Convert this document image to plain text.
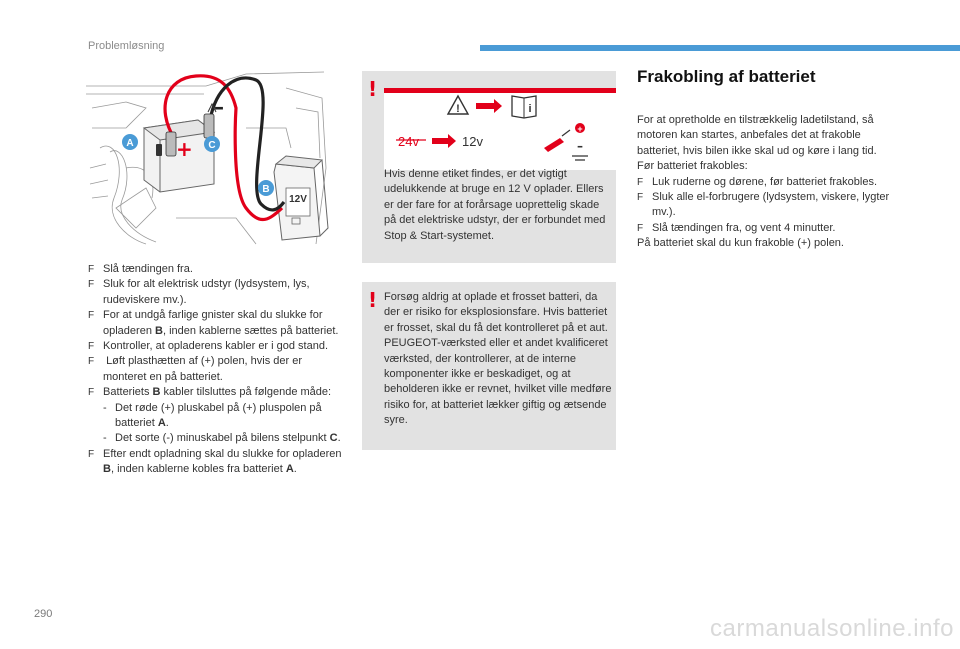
Problemløsning
+
–
A	C
B
12V
F Slå tændingen fra.
F Sluk for alt elektrisk udstyr (lydsystem, lys, rudeviskere mv.).
F For at undgå farlige gnister skal du slukke for opladeren B, inden kablerne sættes på batteriet.
F Kontroller, at opladerens kabler er i god stand.
F Løft plasthætten af (+) polen, hvis der er monteret en på batteriet.
F Batteriets B kabler tilsluttes på følgende måde:
- Det røde (+) pluskabel på (+) pluspolen på batteriet A.
- Det sorte (-) minuskabel på bilens stelpunkt C.
F Efter endt opladning skal du slukke for opladeren B, inden kablerne kobles fra batteriet A.
!
!	i
24v	12v
+
–
Hvis denne etiket findes, er det vigtigt udelukkende at bruge en 12 V oplader. Ellers er der fare for at forårsage uoprettelig skade på det elektriske udstyr, der er forbundet med Stop & Start-systemet.
! Forsøg aldrig at oplade et frosset batteri, da der er risiko for eksplosionsfare. Hvis batteriet er frosset, skal du få det kontrolleret på et aut. PEUGEOT-værksted eller et andet kvalificeret værksted, der kontrollerer, at de interne komponenter ikke er beskadiget, og at beholderen ikke er revnet, hvilket ville medføre risiko for, at batteriet lækker giftig og ætsende syre.
Frakobling af batteriet
For at opretholde en tilstrækkelig ladetilstand, så motoren kan startes, anbefales det at frakoble batteriet, hvis bilen ikke skal ud og køre i lang tid.
Før batteriet frakobles:
F Luk ruderne og dørene, før batteriet frakobles.
F Sluk alle el-forbrugere (lydsystem, viskere, lygter mv.).
F Slå tændingen fra, og vent 4 minutter.
På batteriet skal du kun frakoble (+) polen.
290
carmanualsonline.info
